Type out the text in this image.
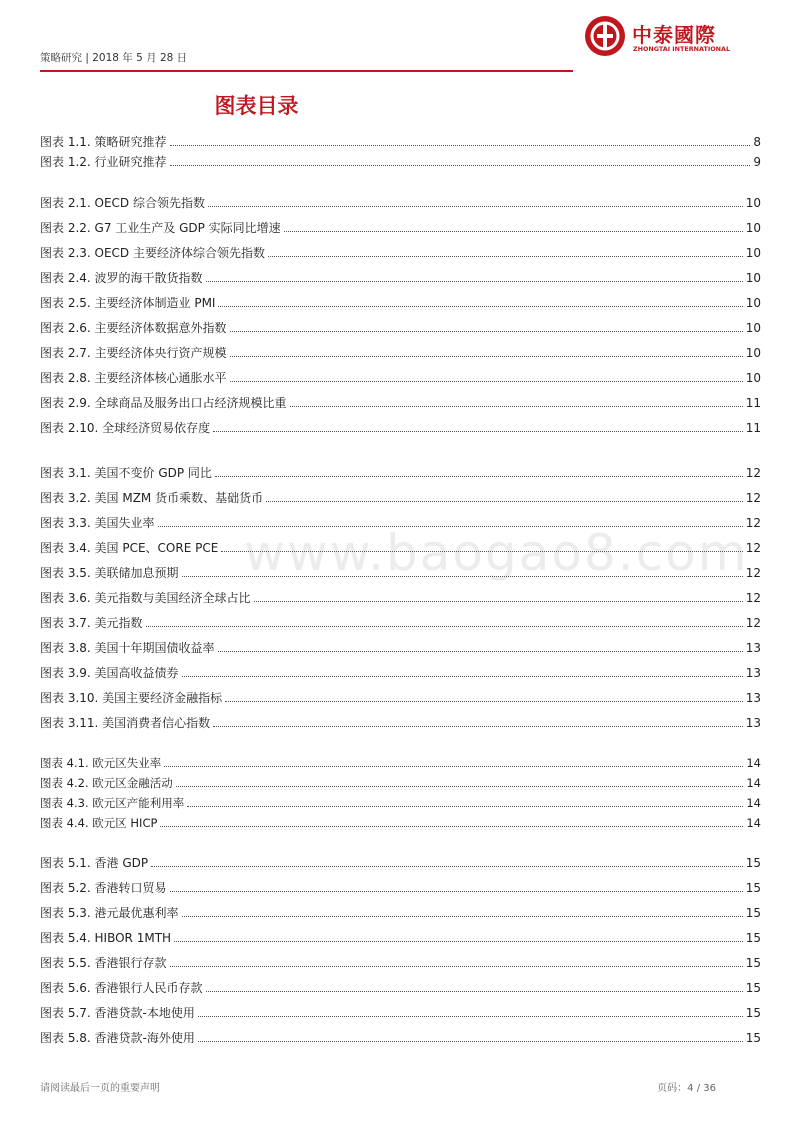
策略研究 | 2018 年 5 月 28 日
中泰國際
ZHONGTAI INTERNATIONAL
图表目录
www.baogao8.com
图表 1.1. 策略研究推荐	8
图表 1.2. 行业研究推荐	9
图表 2.1. OECD 综合领先指数	10
图表 2.2. G7 工业生产及 GDP 实际同比增速	10
图表 2.3. OECD 主要经济体综合领先指数	10
图表 2.4. 波罗的海干散货指数	10
图表 2.5. 主要经济体制造业 PMI	10
图表 2.6. 主要经济体数据意外指数	10
图表 2.7. 主要经济体央行资产规模	10
图表 2.8. 主要经济体核心通胀水平	10
图表 2.9. 全球商品及服务出口占经济规模比重	11
图表 2.10. 全球经济贸易依存度	11
图表 3.1. 美国不变价 GDP 同比	12
图表 3.2. 美国 MZM 货币乘数、基础货币	12
图表 3.3. 美国失业率	12
图表 3.4. 美国 PCE、CORE PCE	12
图表 3.5. 美联储加息预期	12
图表 3.6. 美元指数与美国经济全球占比	12
图表 3.7. 美元指数	12
图表 3.8. 美国十年期国债收益率	13
图表 3.9. 美国高收益债券	13
图表 3.10. 美国主要经济金融指标	13
图表 3.11. 美国消费者信心指数	13
图表 4.1. 欧元区失业率	14
图表 4.2. 欧元区金融活动	14
图表 4.3. 欧元区产能利用率	14
图表 4.4. 欧元区 HICP	14
图表 5.1. 香港 GDP	15
图表 5.2. 香港转口贸易	15
图表 5.3. 港元最优惠利率	15
图表 5.4. HIBOR 1MTH	15
图表 5.5. 香港银行存款	15
图表 5.6. 香港银行人民币存款	15
图表 5.7. 香港贷款-本地使用	15
图表 5.8. 香港贷款-海外使用	15
请阅读最后一页的重要声明	页码：4 / 36
